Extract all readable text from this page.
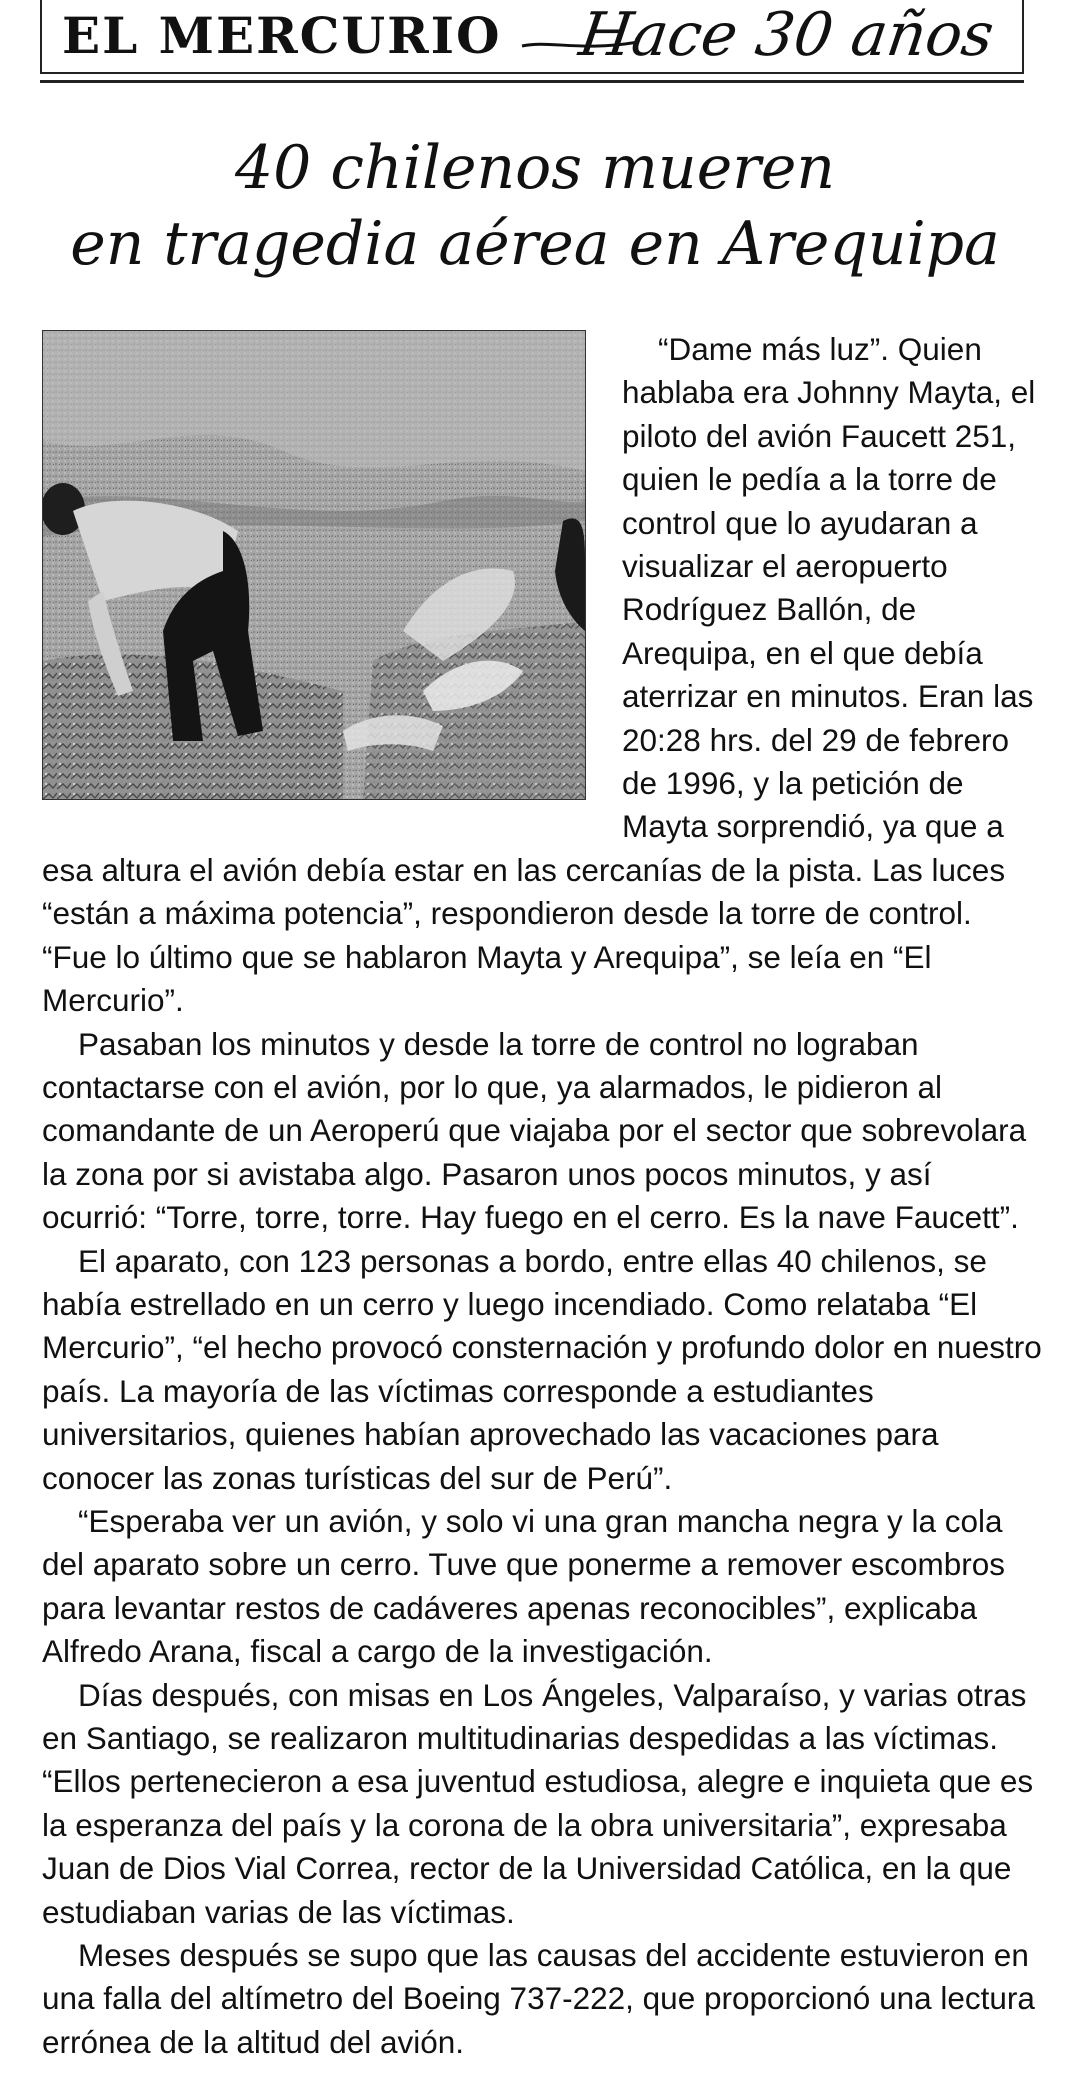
EL MERCURIO Hace 30 años
40 chilenos mueren
en tragedia aérea en Arequipa

“Dame más luz”. Quien hablaba era Johnny Mayta, el piloto del avión Faucett 251, quien le pedía a la torre de control que lo ayudaran a visualizar el aeropuerto Rodríguez Ballón, de Arequipa, en el que debía aterrizar en minutos. Eran las 20:28 hrs. del 29 de febrero de 1996, y la petición de Mayta sorprendió, ya que a esa altura el avión debía estar en las cercanías de la pista. Las luces “están a máxima potencia”, respondieron desde la torre de control. “Fue lo último que se hablaron Mayta y Arequipa”, se leía en “El Mercurio”.

Pasaban los minutos y desde la torre de control no lograban contactarse con el avión, por lo que, ya alarmados, le pidieron al comandante de un Aeroperú que viajaba por el sector que sobrevolara la zona por si avistaba algo. Pasaron unos pocos minutos, y así ocurrió: “Torre, torre, torre. Hay fuego en el cerro. Es la nave Faucett”.

El aparato, con 123 personas a bordo, entre ellas 40 chilenos, se había estrellado en un cerro y luego incendiado. Como relataba “El Mercurio”, “el hecho provocó consternación y profundo dolor en nuestro país. La mayoría de las víctimas corresponde a estudiantes universitarios, quienes habían aprovechado las vacaciones para conocer las zonas turísticas del sur de Perú”.

“Esperaba ver un avión, y solo vi una gran mancha negra y la cola del aparato sobre un cerro. Tuve que ponerme a remover escombros para levantar restos de cadáveres apenas reconocibles”, explicaba Alfredo Arana, fiscal a cargo de la investigación.

Días después, con misas en Los Ángeles, Valparaíso, y varias otras en Santiago, se realizaron multitudinarias despedidas a las víctimas. “Ellos pertenecieron a esa juventud estudiosa, alegre e inquieta que es la esperanza del país y la corona de la obra universitaria”, expresaba Juan de Dios Vial Correa, rector de la Universidad Católica, en la que estudiaban varias de las víctimas.

Meses después se supo que las causas del accidente estuvieron en una falla del altímetro del Boeing 737-222, que proporcionó una lectura errónea de la altitud del avión.
